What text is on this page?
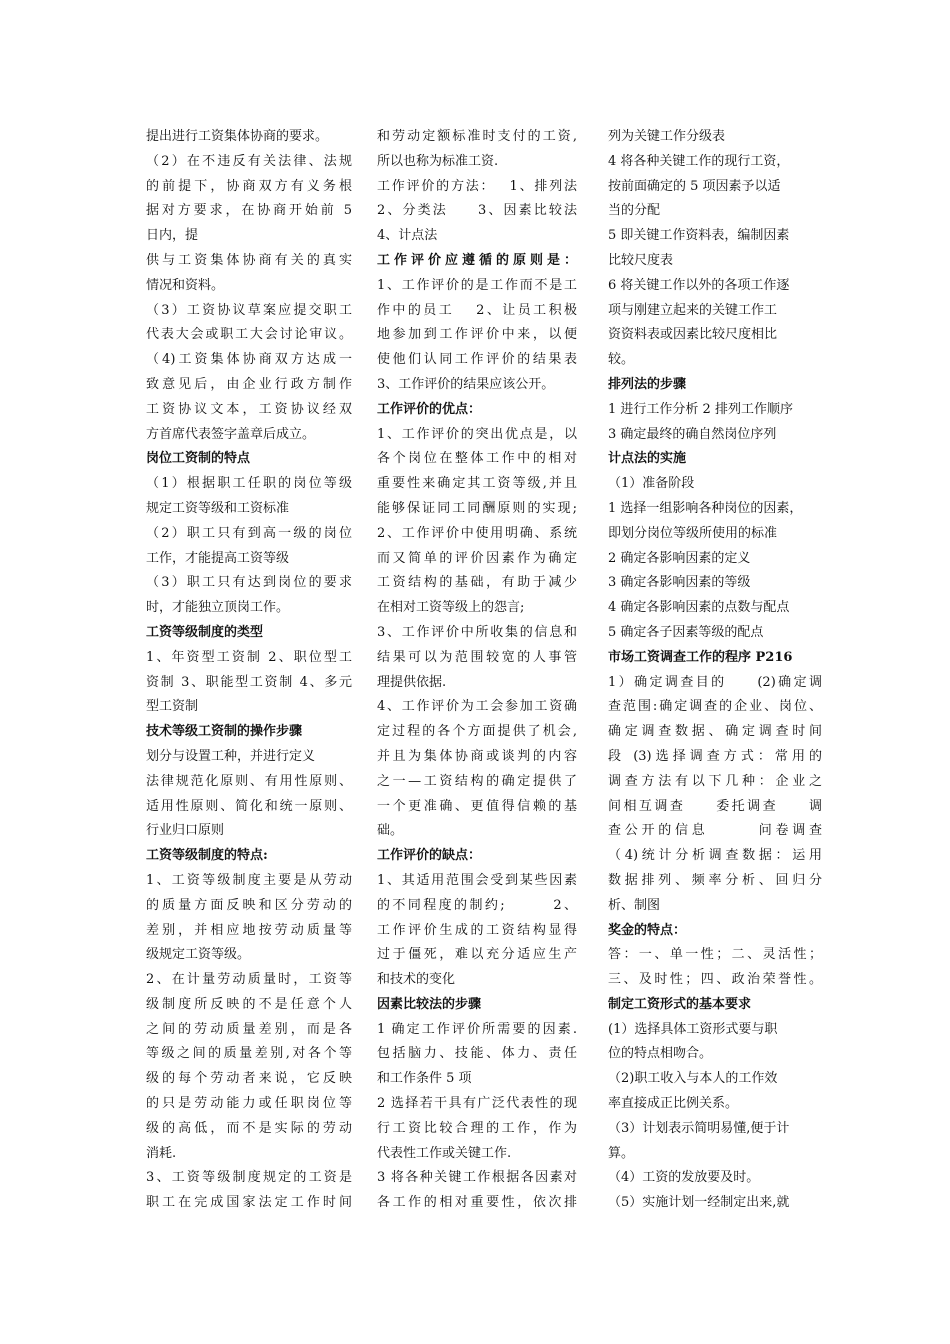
提出进行工资集体协商的要求。
（2）在不违反有关法律、法规
的前提下，协商双方有义务根
据对方要求，在协商开始前 5
日内，提
供与工资集体协商有关的真实
情况和资料。
（3）工资协议草案应提交职工
代表大会或职工大会讨论审议。
（4)工资集体协商双方达成一
致意见后，由企业行政方制作
工资协议文本，工资协议经双
方首席代表签字盖章后成立。
岗位工资制的特点
（1）根据职工任职的岗位等级
规定工资等级和工资标准
（2）职工只有到高一级的岗位
工作，才能提高工资等级
（3）职工只有达到岗位的要求
时，才能独立顶岗工作。
工资等级制度的类型
1、年资型工资制 2、职位型工
资制 3、职能型工资制 4、多元
型工资制
技术等级工资制的操作步骤
划分与设置工种，并进行定义
法律规范化原则、有用性原则、
适用性原则、简化和统一原则、
行业归口原则
工资等级制度的特点:
1、工资等级制度主要是从劳动
的质量方面反映和区分劳动的
差别，并相应地按劳动质量等
级规定工资等级。
2、在计量劳动质量时，工资等
级制度所反映的不是任意个人
之间的劳动质量差别，而是各
等级之间的质量差别,对各个等
级的每个劳动者来说，它反映
的只是劳动能力或任职岗位等
级的高低，而不是实际的劳动
消耗.
3、工资等级制度规定的工资是
职工在完成国家法定工作时间
和劳动定额标准时支付的工资,
所以也称为标准工资.
工作评价的方法：　 1、排列法
2、分类法　　3、因素比较法
4、计点法
工作评价应遵循的原则是：
1、工作评价的是工作而不是工
作中的员工　 2、让员工积极
地参加到工作评价中来，以便
使他们认同工作评价的结果表
3、工作评价的结果应该公开。
工作评价的优点：
1、工作评价的突出优点是，以
各个岗位在整体工作中的相对
重要性来确定其工资等级,并且
能够保证同工同酬原则的实现;
2、工作评价中使用明确、系统
而又简单的评价因素作为确定
工资结构的基础，有助于减少
在相对工资等级上的怨言;
3、工作评价中所收集的信息和
结果可以为范围较宽的人事管
理提供依据.
4、工作评价为工会参加工资确
定过程的各个方面提供了机会,
并且为集体协商或谈判的内容
之一—工资结构的确定提供了
一个更准确、更值得信赖的基
础。
工作评价的缺点：
1、其适用范围会受到某些因素
的不同程度的制约;　　　2、
工作评价生成的工资结构显得
过于僵死，难以充分适应生产
和技术的变化
因素比较法的步骤
1 确定工作评价所需要的因素.
包括脑力、技能、体力、责任
和工作条件 5 项
2 选择若干具有广泛代表性的现
行工资比较合理的工作，作为
代表性工作或关键工作.
3 将各种关键工作根据各因素对
各工作的相对重要性，依次排
列为关键工作分级表
4 将各种关键工作的现行工资，
按前面确定的 5 项因素予以适
当的分配
5 即关键工作资料表，编制因素
比较尺度表
6 将关键工作以外的各项工作逐
项与刚建立起来的关键工作工
资资料表或因素比较尺度相比
较。
排列法的步骤
1 进行工作分析 2 排列工作顺序
3 确定最终的确自然岗位序列
计点法的实施
（1）准备阶段
1 选择一组影响各种岗位的因素，
即划分岗位等级所使用的标准
2 确定各影响因素的定义
3 确定各影响因素的等级
4 确定各影响因素的点数与配点
5 确定各子因素等级的配点
市场工资调查工作的程序 P216
1）确定调查目的　　(2)确定调
查范围:确定调查的企业、岗位、
确定调查数据、确定调查时间
段 (3)选择调查方式：常用的
调查方法有以下几种：企业之
间相互调查　　委托调查　　调
查公开的信息　　　问卷调查
（4)统计分析调查数据：运用
数据排列、频率分析、回归分
析、制图
奖金的特点：
答：一、单一性；二、灵活性；
三、及时性；四、政治荣誉性。
制定工资形式的基本要求
(1）选择具体工资形式要与职
位的特点相吻合。
（2)职工收入与本人的工作效
率直接成正比例关系。
（3）计划表示简明易懂,便于计
算。
（4）工资的发放要及时。
（5）实施计划一经制定出来,就
